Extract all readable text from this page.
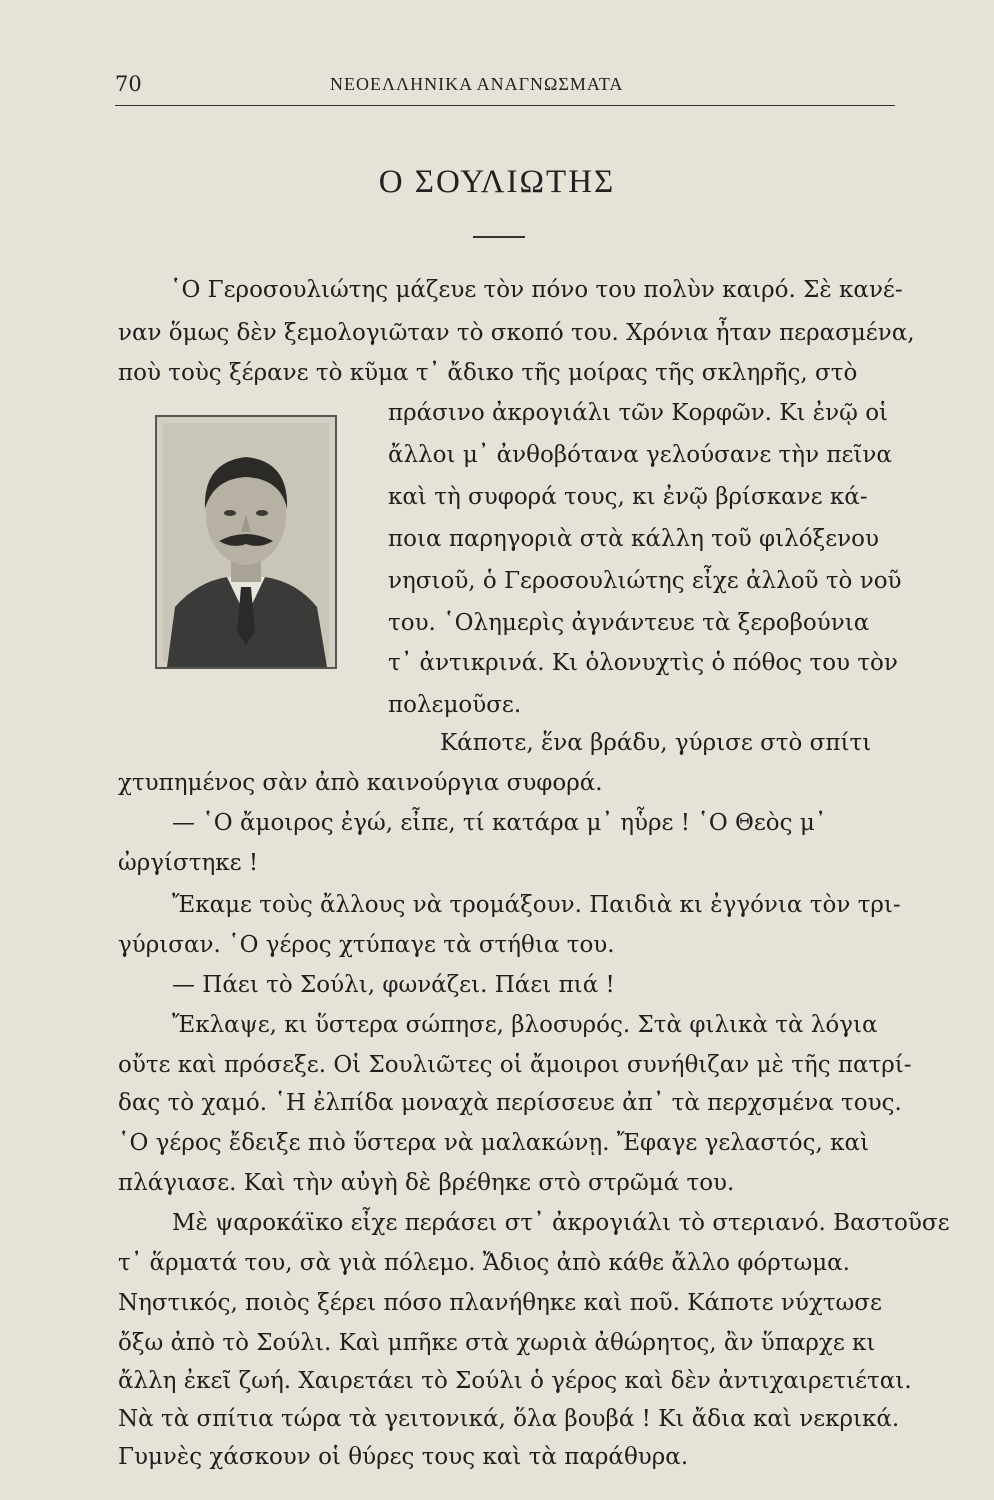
70	ΝΕΟΕΛΛΗΝΙΚΑ ΑΝΑΓΝΩΣΜΑΤΑ
Ο ΣΟΥΛΙΩΤΗΣ

῾Ο Γεροσουλιώτης μάζευε τὸν πόνο του πολὺν καιρό. Σὲ κανέ-

ναν ὅμως δὲν ξεμολογιῶταν τὸ σκοπό του. Χρόνια ἦταν περασμένα,

ποὺ τοὺς ξέρανε τὸ κῦμα τ᾽ ἄδικο τῆς μοίρας τῆς σκληρῆς, στὸ

πράσινο ἀκρογιάλι τῶν Κορφῶν. Κι ἐνῷ οἱ

ἄλλοι μ᾽ ἀνθοβότανα γελούσανε τὴν πεῖνα

καὶ τὴ συφορά τους, κι ἐνῷ βρίσκανε κά-

ποια παρηγοριὰ στὰ κάλλη τοῦ φιλόξενου

νησιοῦ, ὁ Γεροσουλιώτης εἶχε ἀλλοῦ τὸ νοῦ

του. ῾Ολημερὶς ἀγνάντευε τὰ ξεροβούνια

τ᾽ ἀντικρινά. Κι ὁλονυχτὶς ὁ πόθος του τὸν

πολεμοῦσε.

Κάποτε, ἕνα βράδυ, γύρισε στὸ σπίτι

χτυπημένος σὰν ἀπὸ καινούργια συφορά.

— ῾Ο ἄμοιρος ἐγώ, εἶπε, τί κατάρα μ᾽ ηὗρε ! ῾Ο Θεὸς μ᾽

ὠργίστηκε !

Ἔκαμε τοὺς ἄλλους νὰ τρομάξουν. Παιδιὰ κι ἐγγόνια τὸν τρι-

γύρισαν. ῾Ο γέρος χτύπαγε τὰ στήθια του.

— Πάει τὸ Σούλι, φωνάζει. Πάει πιά !

Ἔκλαψε, κι ὕστερα σώπησε, βλοσυρός. Στὰ φιλικὰ τὰ λόγια

οὔτε καὶ πρόσεξε. Οἱ Σουλιῶτες οἱ ἄμοιροι συνήθιζαν μὲ τῆς πατρί-

δας τὸ χαμό. ῾Η ἐλπίδα μοναχὰ περίσσευε ἀπ᾽ τὰ περχσμένα τους.

῾Ο γέρος ἔδειξε πιὸ ὕστερα νὰ μαλακώνῃ. Ἔφαγε γελαστός, καὶ

πλάγιασε. Καὶ τὴν αὐγὴ δὲ βρέθηκε στὸ στρῶμά του.

Μὲ ψαροκάϊκο εἶχε περάσει στ᾽ ἀκρογιάλι τὸ στεριανό. Βαστοῦσε

τ᾽ ἅρματά του, σὰ γιὰ πόλεμο. Ἄδιος ἀπὸ κάθε ἄλλο φόρτωμα.

Νηστικός, ποιὸς ξέρει πόσο πλανήθηκε καὶ ποῦ. Κάποτε νύχτωσε

ὄξω ἀπὸ τὸ Σούλι. Καὶ μπῆκε στὰ χωριὰ ἀθώρητος, ἂν ὕπαρχε κι

ἄλλη ἐκεῖ ζωή. Χαιρετάει τὸ Σούλι ὁ γέρος καὶ δὲν ἀντιχαιρετιέται.

Νὰ τὰ σπίτια τώρα τὰ γειτονικά, ὅλα βουβά ! Κι ἄδια καὶ νεκρικά.

Γυμνὲς χάσκουν οἱ θύρες τους καὶ τὰ παράθυρα.
